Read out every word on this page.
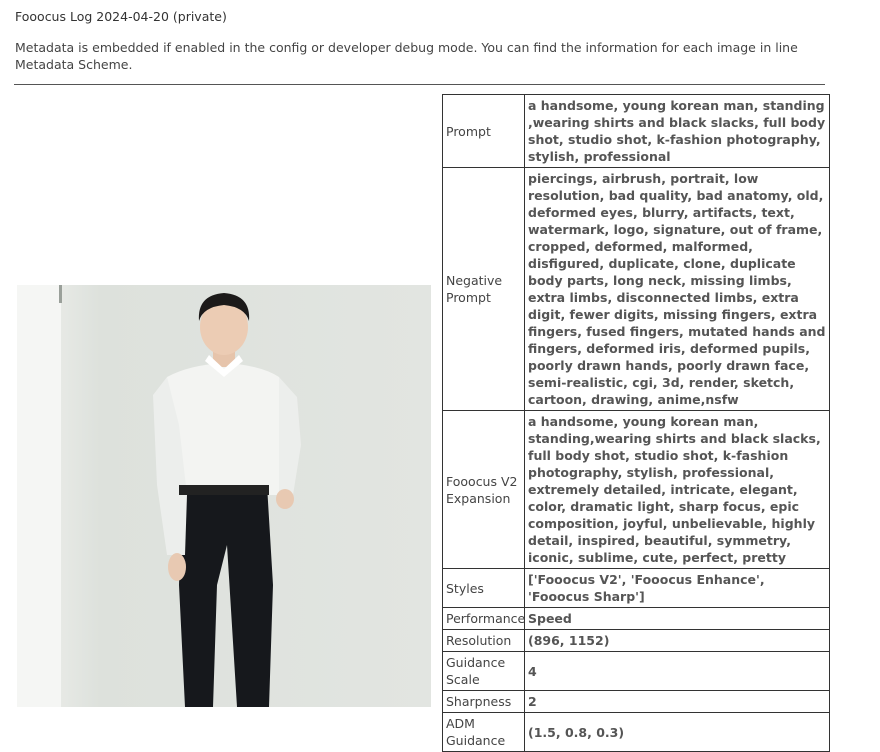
Fooocus Log 2024-04-20 (private)

Metadata is embedded if enabled in the config or developer debug mode. You can find the information for each image in line Metadata Scheme.

Prompt	a handsome, young korean man, standing ,wearing shirts and black slacks, full body shot, studio shot, k-fashion photography, stylish, professional
Negative Prompt	piercings, airbrush, portrait, low resolution, bad quality, bad anatomy, old, deformed eyes, blurry, artifacts, text, watermark, logo, signature, out of frame, cropped, deformed, malformed, disfigured, duplicate, clone, duplicate body parts, long neck, missing limbs, extra limbs, disconnected limbs, extra digit, fewer digits, missing fingers, extra fingers, fused fingers, mutated hands and fingers, deformed iris, deformed pupils, poorly drawn hands, poorly drawn face, semi-realistic, cgi, 3d, render, sketch, cartoon, drawing, anime,nsfw
Fooocus V2 Expansion	a handsome, young korean man, standing,wearing shirts and black slacks, full body shot, studio shot, k-fashion photography, stylish, professional, extremely detailed, intricate, elegant, color, dramatic light, sharp focus, epic composition, joyful, unbelievable, highly detail, inspired, beautiful, symmetry, iconic, sublime, cute, perfect, pretty
Styles	['Fooocus V2', 'Fooocus Enhance', 'Fooocus Sharp']
Performance	Speed
Resolution	(896, 1152)
Guidance Scale	4
Sharpness	2
ADM Guidance	(1.5, 0.8, 0.3)
